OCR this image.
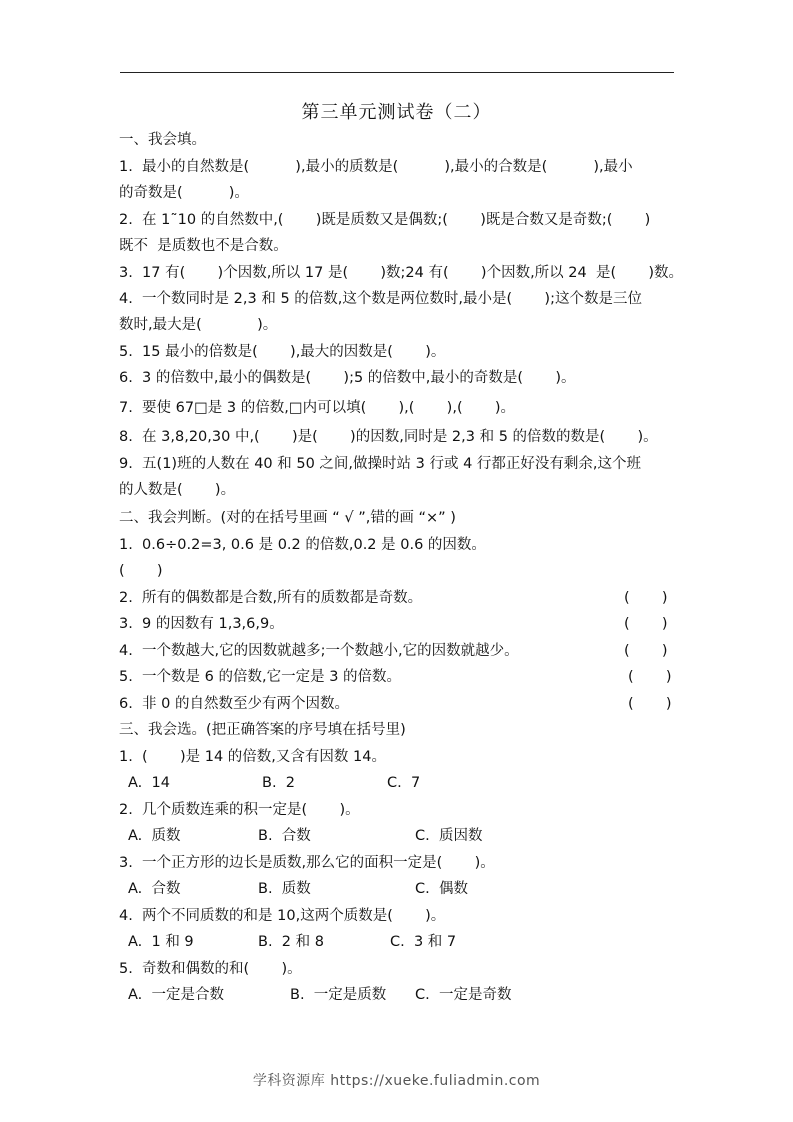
第三单元测试卷（二）
一、我会填。
1.  最小的自然数是(          ),最小的质数是(          ),最小的合数是(          ),最小
的奇数是(          )。
2.  在 1˜10 的自然数中,(       )既是质数又是偶数;(       )既是合数又是奇数;(       )
既不  是质数也不是合数。
3.  17 有(       )个因数,所以 17 是(       )数;24 有(       )个因数,所以 24  是(       )数。
4.  一个数同时是 2,3 和 5 的倍数,这个数是两位数时,最小是(       );这个数是三位
数时,最大是(            )。
5.  15 最小的倍数是(       ),最大的因数是(       )。
6.  3 的倍数中,最小的偶数是(       );5 的倍数中,最小的奇数是(       )。
7.  要使 67□是 3 的倍数,□内可以填(       ),(       ),(       )。
8.  在 3,8,20,30 中,(       )是(       )的因数,同时是 2,3 和 5 的倍数的数是(       )。
9.  五(1)班的人数在 40 和 50 之间,做操时站 3 行或 4 行都正好没有剩余,这个班
的人数是(       )。
二、我会判断。(对的在括号里画 “ √ ”,错的画 “×” )
1.  0.6÷0.2=3, 0.6 是 0.2 的倍数,0.2 是 0.6 的因数。
(       )
2.  所有的偶数都是合数,所有的质数都是奇数。	(       )
3.  9 的因数有 1,3,6,9。	(       )
4.  一个数越大,它的因数就越多;一个数越小,它的因数就越少。	(       )
5.  一个数是 6 的倍数,它一定是 3 的倍数。	(       )
6.  非 0 的自然数至少有两个因数。	(       )
三、我会选。(把正确答案的序号填在括号里)
1.  (       )是 14 的倍数,又含有因数 14。
A.  14	B.  2	C.  7
2.  几个质数连乘的积一定是(       )。
A.  质数	B.  合数	C.  质因数
3.  一个正方形的边长是质数,那么它的面积一定是(       )。
A.  合数	B.  质数	C.  偶数
4.  两个不同质数的和是 10,这两个质数是(       )。
A.  1 和 9	B.  2 和 8	C.  3 和 7
5.  奇数和偶数的和(       )。
A.  一定是合数	B.  一定是质数 C.  一定是奇数
学科资源库 https://xueke.fuliadmin.com
